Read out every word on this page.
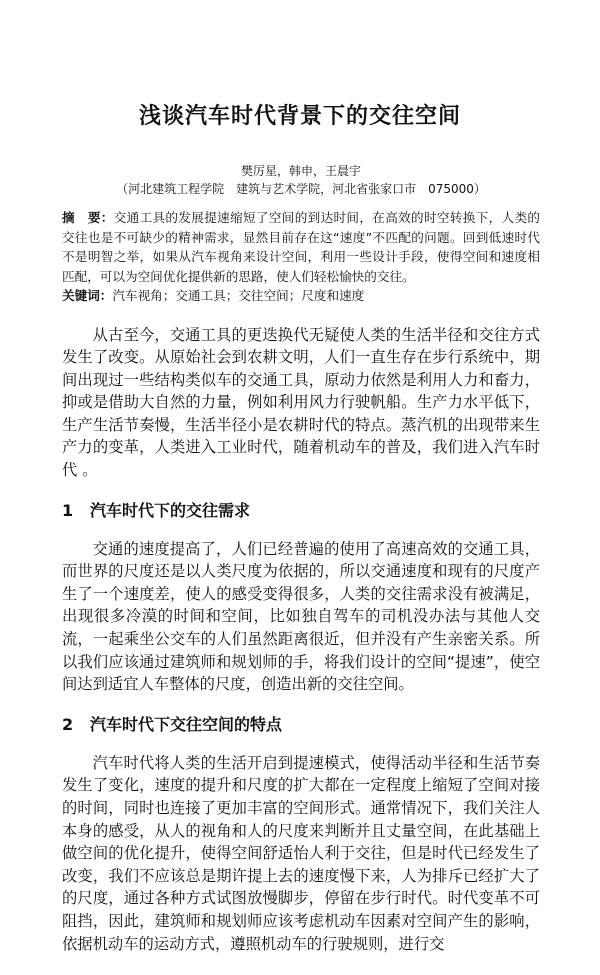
浅谈汽车时代背景下的交往空间
樊厉星，韩申，王晨宇
（河北建筑工程学院　建筑与艺术学院，河北省张家口市　075000）
摘　要：交通工具的发展提速缩短了空间的到达时间，在高效的时空转换下，人类的交往也是不可缺少的精神需求，显然目前存在这“速度”不匹配的问题。回到低速时代不是明智之举，如果从汽车视角来设计空间，利用一些设计手段，使得空间和速度相匹配，可以为空间优化提供新的思路，使人们轻松愉快的交往。
关键词：汽车视角；交通工具；交往空间；尺度和速度
从古至今，交通工具的更迭换代无疑使人类的生活半径和交往方式发生了改变。从原始社会到农耕文明，人们一直生存在步行系统中，期间出现过一些结构类似车的交通工具，原动力依然是利用人力和畜力，抑或是借助大自然的力量，例如利用风力行驶帆船。生产力水平低下，生产生活节奏慢，生活半径小是农耕时代的特点。蒸汽机的出现带来生产力的变革，人类进入工业时代，随着机动车的普及，我们进入汽车时代 。
1 汽车时代下的交往需求
交通的速度提高了，人们已经普遍的使用了高速高效的交通工具，而世界的尺度还是以人类尺度为依据的，所以交通速度和现有的尺度产生了一个速度差，使人的感受变得很多，人类的交往需求没有被满足，出现很多冷漠的时间和空间，比如独自驾车的司机没办法与其他人交流，一起乘坐公交车的人们虽然距离很近，但并没有产生亲密关系。所以我们应该通过建筑师和规划师的手，将我们设计的空间“提速”，使空间达到适宜人车整体的尺度，创造出新的交往空间。
2 汽车时代下交往空间的特点
汽车时代将人类的生活开启到提速模式，使得活动半径和生活节奏发生了变化，速度的提升和尺度的扩大都在一定程度上缩短了空间对接的时间，同时也连接了更加丰富的空间形式。通常情况下，我们关注人本身的感受，从人的视角和人的尺度来判断并且丈量空间，在此基础上做空间的优化提升，使得空间舒适怡人利于交往，但是时代已经发生了改变，我们不应该总是期许提上去的速度慢下来，人为排斥已经扩大了的尺度，通过各种方式试图放慢脚步，停留在步行时代。时代变革不可阻挡，因此，建筑师和规划师应该考虑机动车因素对空间产生的影响，依据机动车的运动方式，遵照机动车的行驶规则，进行交
